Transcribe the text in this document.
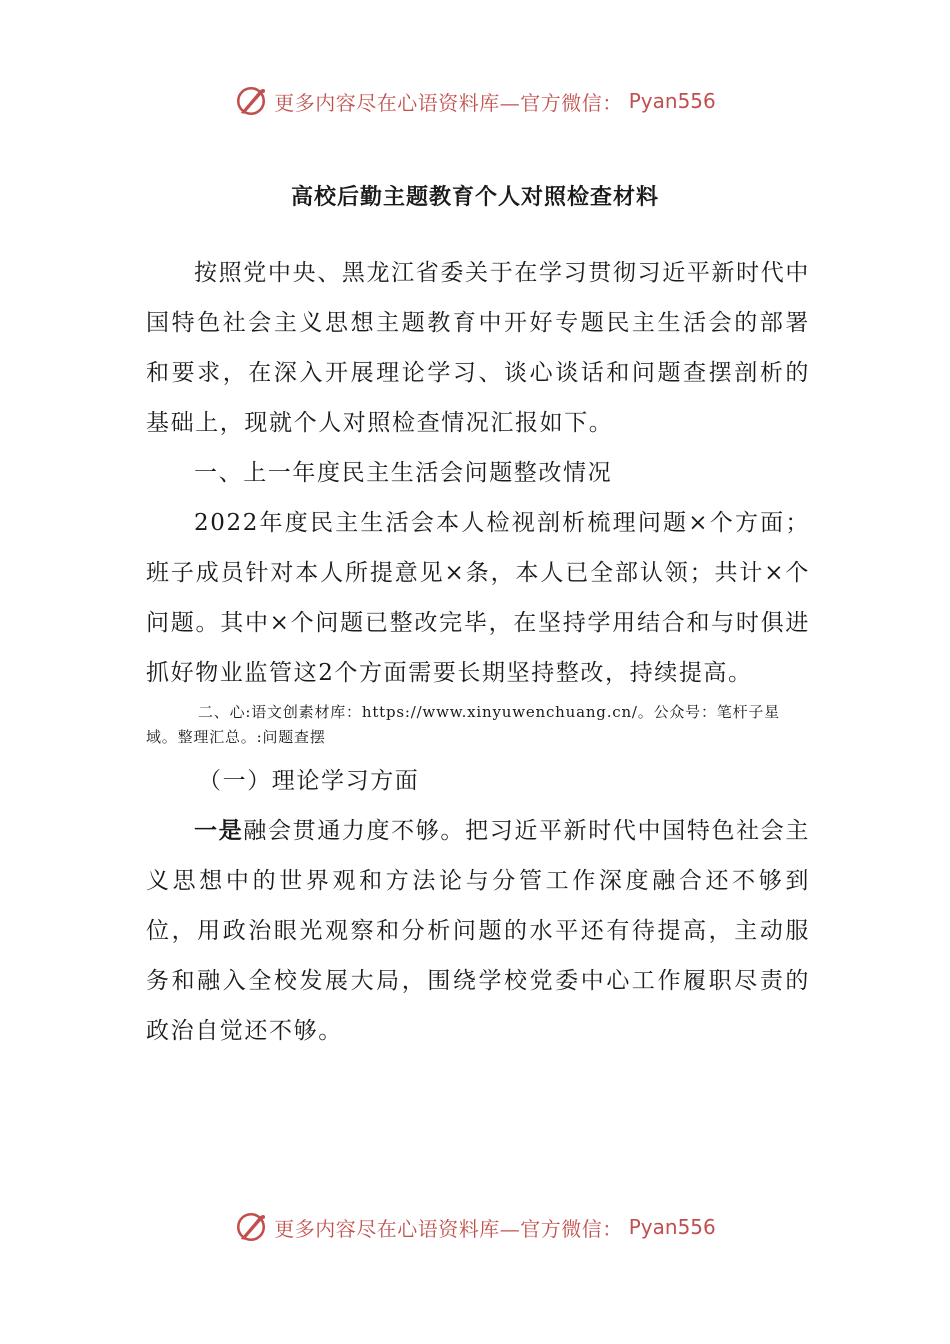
更多内容尽在心语资料库—官方微信： Pyan556
高校后勤主题教育个人对照检查材料

按照党中央、黑龙江省委关于在学习贯彻习近平新时代中国特色社会主义思想主题教育中开好专题民主生活会的部署和要求，在深入开展理论学习、谈心谈话和问题查摆剖析的基础上，现就个人对照检查情况汇报如下。

一、上一年度民主生活会问题整改情况

2022年度民主生活会本人检视剖析梳理问题×个方面；班子成员针对本人所提意见×条，本人已全部认领；共计×个问题。其中×个问题已整改完毕，在坚持学用结合和与时俱进抓好物业监管这2个方面需要长期坚持整改，持续提高。

二、心:语文创素材库：https://www.xinyuwenchuang.cn/。公众号：笔杆子星域。整理汇总。:问题查摆

（一）理论学习方面

一是融会贯通力度不够。把习近平新时代中国特色社会主义思想中的世界观和方法论与分管工作深度融合还不够到位，用政治眼光观察和分析问题的水平还有待提高，主动服务和融入全校发展大局，围绕学校党委中心工作履职尽责的政治自觉还不够。

更多内容尽在心语资料库—官方微信： Pyan556
